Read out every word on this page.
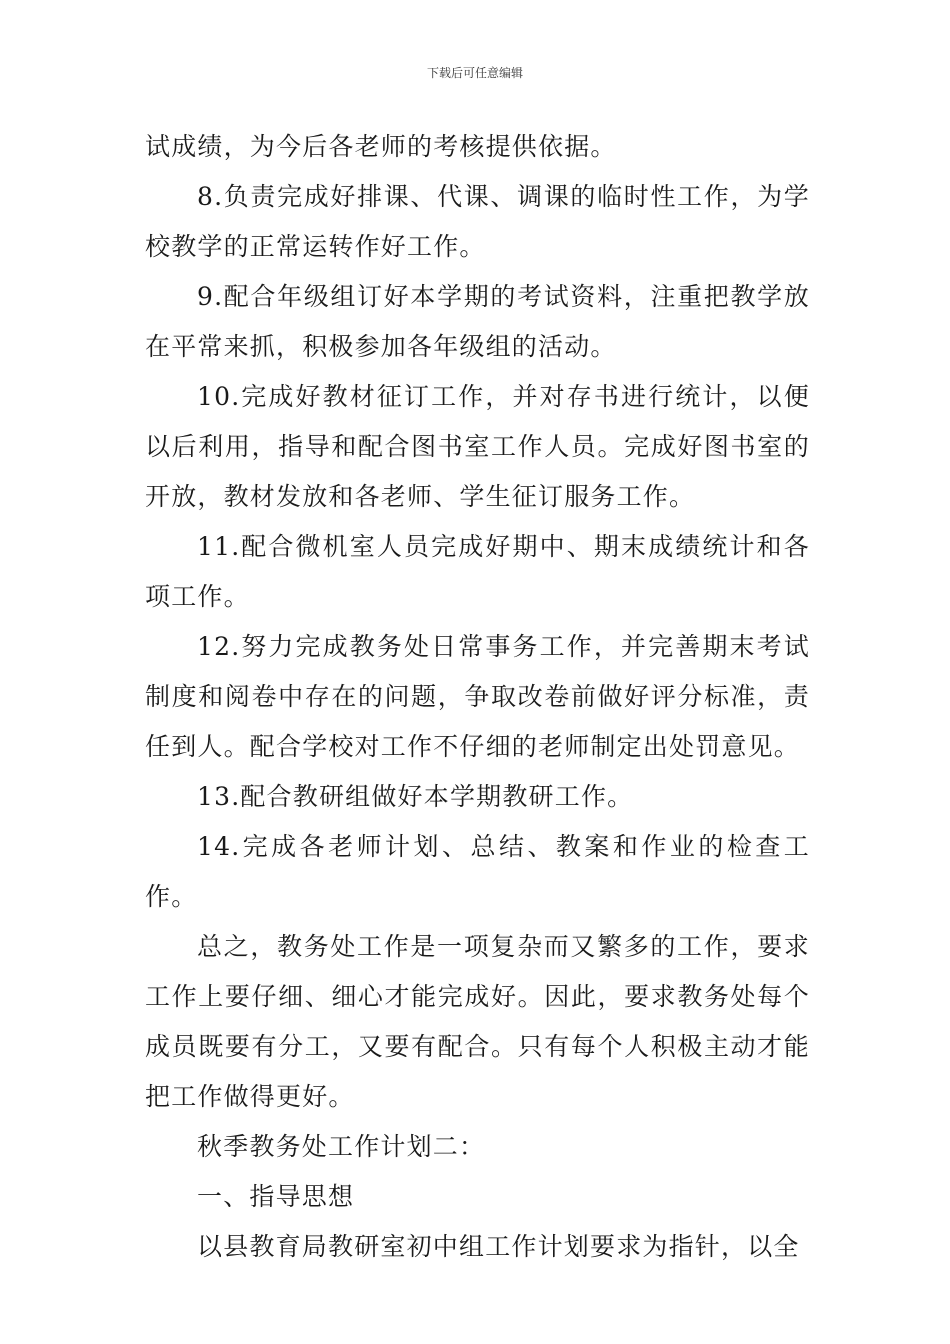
下载后可任意编辑

试成绩，为今后各老师的考核提供依据。

8.负责完成好排课、代课、调课的临时性工作，为学校教学的正常运转作好工作。

9.配合年级组订好本学期的考试资料，注重把教学放在平常来抓，积极参加各年级组的活动。

10.完成好教材征订工作，并对存书进行统计，以便以后利用，指导和配合图书室工作人员。完成好图书室的开放，教材发放和各老师、学生征订服务工作。

11.配合微机室人员完成好期中、期末成绩统计和各项工作。

12.努力完成教务处日常事务工作，并完善期末考试制度和阅卷中存在的问题，争取改卷前做好评分标准，责任到人。配合学校对工作不仔细的老师制定出处罚意见。

13.配合教研组做好本学期教研工作。

14.完成各老师计划、总结、教案和作业的检查工作。

总之，教务处工作是一项复杂而又繁多的工作，要求工作上要仔细、细心才能完成好。因此，要求教务处每个成员既要有分工，又要有配合。只有每个人积极主动才能把工作做得更好。

秋季教务处工作计划二：

一、指导思想

以县教育局教研室初中组工作计划要求为指针，以全
